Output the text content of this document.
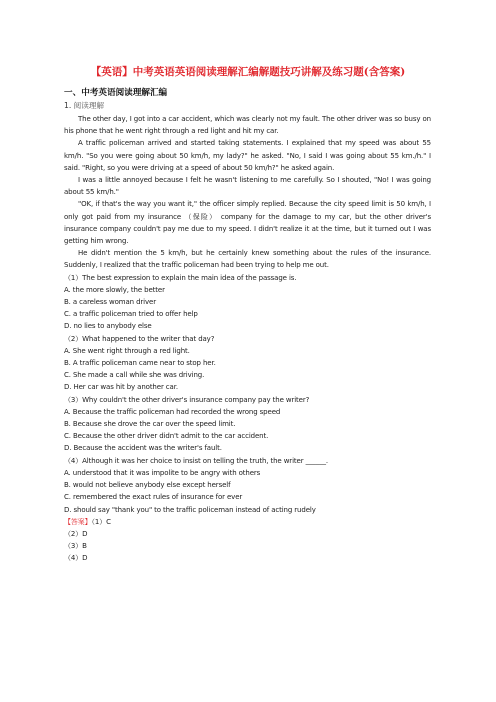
【英语】中考英语英语阅读理解汇编解题技巧讲解及练习题(含答案)
一、中考英语阅读理解汇编
1. 阅读理解

The other day, I got into a car accident, which was clearly not my fault. The other driver was so busy on his phone that he went right through a red light and hit my car.

A traffic policeman arrived and started taking statements. I explained that my speed was about 55 km/h. "So you were going about 50 km/h, my lady?" he asked. "No, I said I was going about 55 km./h." I said. "Right, so you were driving at a speed of about 50 km/h?" he asked again.

I was a little annoyed because I felt he wasn't listening to me carefully. So I shouted, "No! I was going about 55 km/h."

"OK, if that's the way you want it," the officer simply replied. Because the city speed limit is 50 km/h, I only got paid from my insurance （保险） company for the damage to my car, but the other driver's insurance company couldn't pay me due to my speed. I didn't realize it at the time, but it turned out I was getting him wrong.

He didn't mention the 5 km/h, but he certainly knew something about the rules of the insurance. Suddenly, I realized that the traffic policeman had been trying to help me out.

（1）The best expression to explain the main idea of the passage is.

A. the more slowly, the better

B. a careless woman driver

C. a traffic policeman tried to offer help

D. no lies to anybody else

（2）What happened to the writer that day?

A. She went right through a red light.

B. A traffic policeman came near to stop her.

C. She made a call while she was driving.

D. Her car was hit by another car.

（3）Why couldn't the other driver's insurance company pay the writer?

A. Because the traffic policeman had recorded the wrong speed

B. Because she drove the car over the speed limit.

C. Because the other driver didn't admit to the car accident.

D. Because the accident was the writer's fault.

（4）Although it was her choice to insist on telling the truth, the writer ______.

A. understood that it was impolite to be angry with others

B. would not believe anybody else except herself

C. remembered the exact rules of insurance for ever

D. should say "thank you" to the traffic policeman instead of acting rudely

【答案】（1）C

（2）D

（3）B

（4）D
